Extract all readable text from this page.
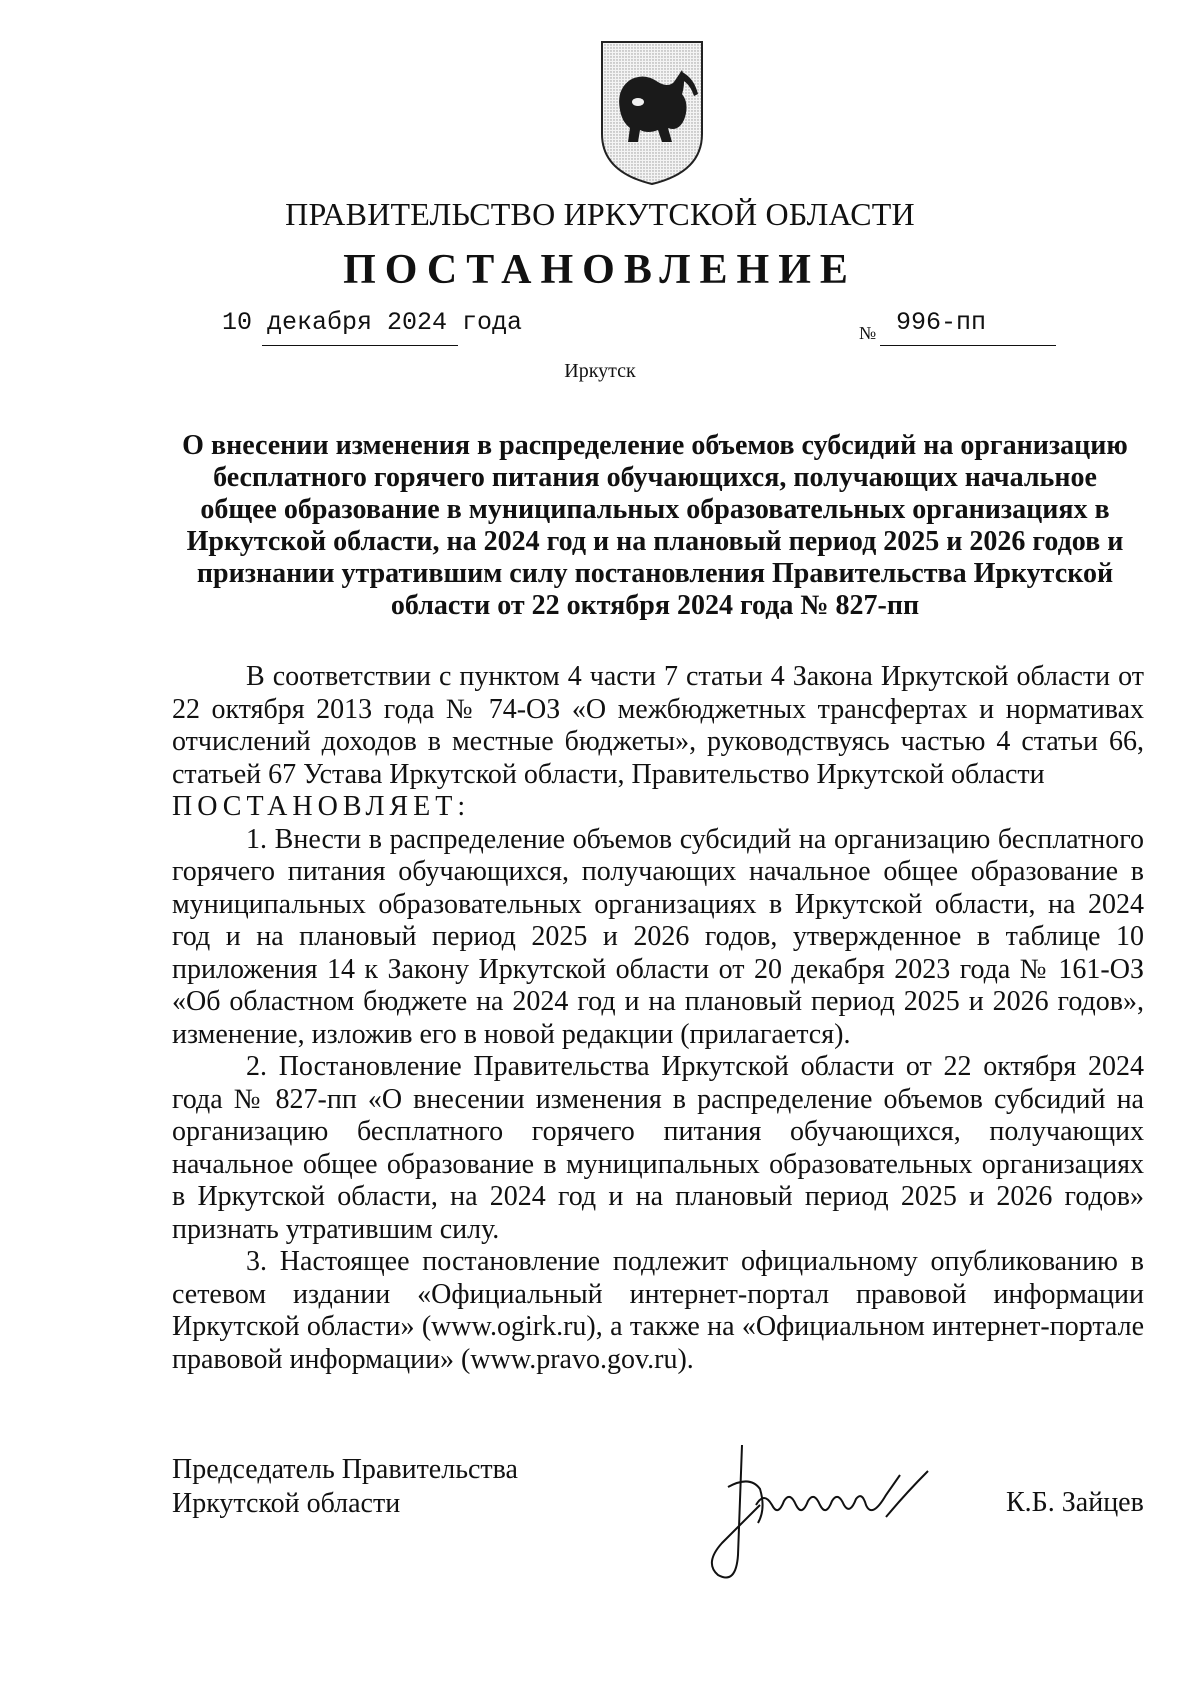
ПРАВИТЕЛЬСТВО ИРКУТСКОЙ ОБЛАСТИ
ПОСТАНОВЛЕНИЕ
10 декабря 2024 года	№ 996-пп
Иркутск
О внесении изменения в распределение объемов субсидий на организацию
бесплатного горячего питания обучающихся, получающих начальное
общее образование в муниципальных образовательных организациях в
Иркутской области, на 2024 год и на плановый период 2025 и 2026 годов и
признании утратившим силу постановления Правительства Иркутской
области от 22 октября 2024 года № 827-пп

В соответствии с пунктом 4 части 7 статьи 4 Закона Иркутской области от 22 октября 2013 года № 74-ОЗ «О межбюджетных трансфертах и нормативах отчислений доходов в местные бюджеты», руководствуясь частью 4 статьи 66, статьей 67 Устава Иркутской области, Правительство Иркутской области

ПОСТАНОВЛЯЕТ:

1. Внести в распределение объемов субсидий на организацию бесплатного горячего питания обучающихся, получающих начальное общее образование в муниципальных образовательных организациях в Иркутской области, на 2024 год и на плановый период 2025 и 2026 годов, утвержденное в таблице 10 приложения 14 к Закону Иркутской области от 20 декабря 2023 года № 161-ОЗ «Об областном бюджете на 2024 год и на плановый период 2025 и 2026 годов», изменение, изложив его в новой редакции (прилагается).

2. Постановление Правительства Иркутской области от 22 октября 2024 года № 827-пп «О внесении изменения в распределение объемов субсидий на организацию бесплатного горячего питания обучающихся, получающих начальное общее образование в муниципальных образовательных организациях в Иркутской области, на 2024 год и на плановый период 2025 и 2026 годов» признать утратившим силу.

3. Настоящее постановление подлежит официальному опубликованию в сетевом издании «Официальный интернет-портал правовой информации Иркутской области» (www.ogirk.ru), а также на «Официальном интернет-портале правовой информации» (www.pravo.gov.ru).

Председатель Правительства
Иркутской области	К.Б. Зайцев
